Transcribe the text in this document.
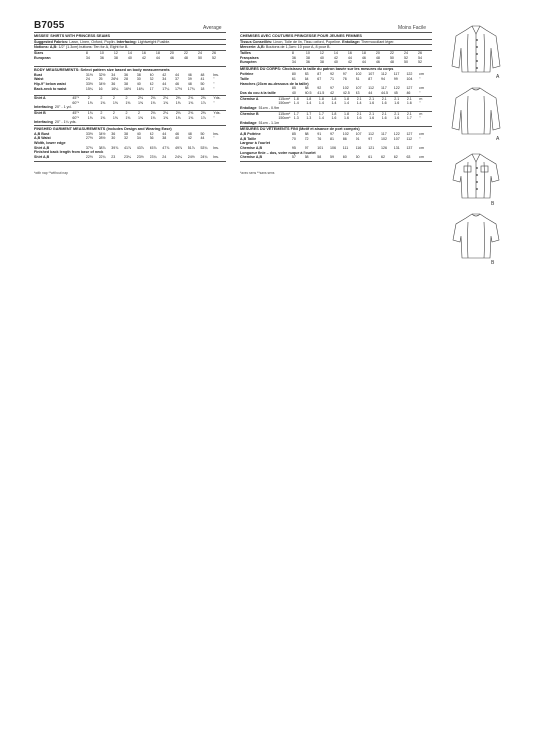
B7055	Average	Moins Facile
MISSES' SHIRTS WITH PRINCESS SEAMS
Suggested Fabrics: Lawn, Linen, Oxford, Poplin. Interfacing: Lightweight Fusible.
Notions: A,B: 1/2" (1.3cm) buttons: Ten for A, Eight for B.
Sizes	8	10	12	14	16	18	20	22	24	26
European	34	36	38	40	42	44	46	48	50	52
BODY MEASUREMENTS: Select pattern size based on body measurements
Bust	31½	32½	34	36	38	40	42	44	46	48	Ins.
Waist	24	25	26½	28	30	32	34	37	39	41	"
Hip-9" below waist	33½	34½	36	38	40	42	44	46	48	50	"
Back-neck to waist	15¼	16	16¼	16½	16¾	17	17¼	17½	17¾	18	"
Shirt A	45"*	2	2	2	2	2⅛	2⅛	2⅛	2⅜	2⅜	2⅝	Yds.
	60"*	1⅝	1⅝	1⅝	1⅝	1⅝	1⅝	1⅝	1⅝	1⅝	1⅞	"
Interfacing 20" - 1 yd.
Shirt B	45"*	1¾	2	2	2	2	2⅛	2⅛	2⅛	2⅜	2⅜	Yds.
	60"*	1⅝	1⅝	1⅝	1⅝	1⅝	1⅝	1⅝	1⅝	1⅝	1⅞	"
Interfacing 20" - 1¼ yds.
FINISHED GARMENT MEASUREMENTS (Includes Design and Wearing Ease)
A,B Bust	33½	34½	36	38	40	42	44	46	48	50	Ins.
A,B Waist	27½	28½	30	32	34	36	38	40	42	44	"
Width, lower edge
Shirt A,B	37⅛	38⅞	39⅞	41⅞	43⅞	45⅞	47⅞	49⅞	51⅞	53¾	Ins.
Finished back length from base of neck
Shirt A,B	22½	22¾	23	23¼	23½	23¾	24	24¼	24½	24¾	Ins.
*with nap **without nap
CHEMISES AVEC COUTURES PRINCESSE POUR JEUNES FEMMES
Tissus Conseillés: Linon, Toile de lin, Tissu oxford, Popeline. Entoilage: Thermocollant léger.
Mercerie: A,B: Boutons de 1,3cm: 10 pour A, 8 pour B.
Tailles	8	10	12	14	16	18	20	22	24	26
Françaises	36	38	40	42	44	46	48	50	52	54
Européen	34	36	38	40	42	44	46	48	50	52
MESURES DU CORPS: Choisissez la taille du patron basée sur les mesures du corps
Poitrine	80	83	87	92	97	102	107	112	117	122	cm
Taille	61	64	67	71	76	81	87	94	99	104	"
Hanches (23cm au-dessous de la taille)
	85	88	92	97	102	107	112	117	122	127	cm
Dos du cou à la taille	40	40.5	41.5	42	42.5	43	44	44.5	45	46	"
Chemise A	115cm*	1.8	1.8	1.8	1.8	1.8	2.1	2.1	2.1	2.1	2.1	m
	150cm*	1.4	1.4	1.4	1.4	1.4	1.4	1.6	1.6	1.6	1.6	"
Entoilage 51cm - 0.9m
Chemise B	115cm*	1.7	1.7	1.7	1.8	1.8	2.1	2.1	2.1	2.1	2.1	m
	150cm*	1.3	1.3	1.4	1.6	1.6	1.6	1.6	1.6	1.6	1.7	"
Entoilage 51cm - 1.1m
MESURES DU VÊTEMENTS FINI (Motif et aisance de port compris)
A,B Poitrine	85	88	91	97	102	107	112	117	122	127	cm
A,B Taille	70	72	76	81	86	91	97	102	107	112	"
Largeur à l'ourlet
Chemise A,B	95	97	101	106	111	116	121	126	131	137	cm
Longueur finie – dos, votre nuque à l'ourlet
Chemise A,B	57	58	58	59	60	60	61	62	62	63	cm
*avec sens **sans sens
A
A
B
B
